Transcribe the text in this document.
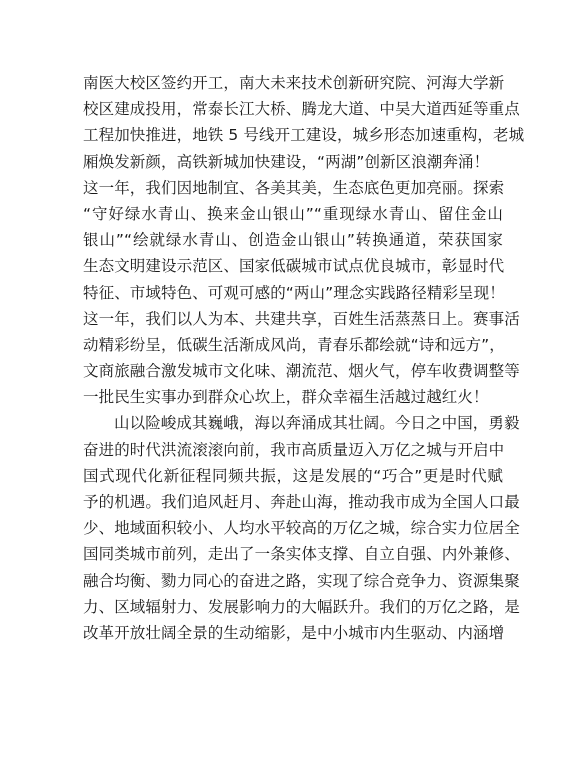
南医大校区签约开工，南大未来技术创新研究院、河海大学新
校区建成投用，常泰长江大桥、腾龙大道、中吴大道西延等重点
工程加快推进，地铁 5 号线开工建设，城乡形态加速重构，老城
厢焕发新颜，高铁新城加快建设，“两湖”创新区浪潮奔涌！
这一年，我们因地制宜、各美其美，生态底色更加亮丽。探索
“守好绿水青山、换来金山银山”“重现绿水青山、留住金山
银山”“绘就绿水青山、创造金山银山”转换通道，荣获国家
生态文明建设示范区、国家低碳城市试点优良城市，彰显时代
特征、市域特色、可观可感的“两山”理念实践路径精彩呈现！
这一年，我们以人为本、共建共享，百姓生活蒸蒸日上。赛事活
动精彩纷呈，低碳生活渐成风尚，青春乐都绘就“诗和远方”，
文商旅融合激发城市文化味、潮流范、烟火气，停车收费调整等
一批民生实事办到群众心坎上，群众幸福生活越过越红火！
山以险峻成其巍峨，海以奔涌成其壮阔。今日之中国，勇毅
奋进的时代洪流滚滚向前，我市高质量迈入万亿之城与开启中
国式现代化新征程同频共振，这是发展的“巧合”更是时代赋
予的机遇。我们追风赶月、奔赴山海，推动我市成为全国人口最
少、地域面积较小、人均水平较高的万亿之城，综合实力位居全
国同类城市前列，走出了一条实体支撑、自立自强、内外兼修、
融合均衡、勠力同心的奋进之路，实现了综合竞争力、资源集聚
力、区域辐射力、发展影响力的大幅跃升。我们的万亿之路，是
改革开放壮阔全景的生动缩影，是中小城市内生驱动、内涵增
